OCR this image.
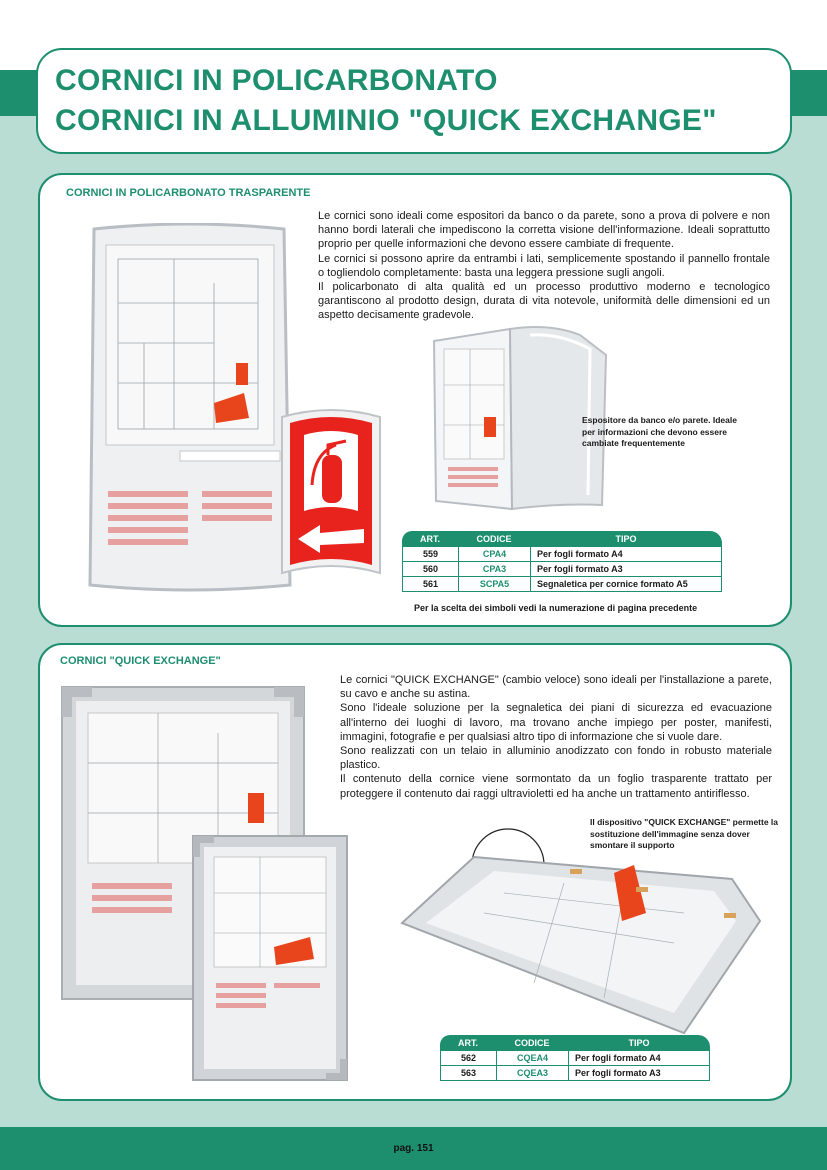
CORNICI IN POLICARBONATO
CORNICI IN ALLUMINIO "QUICK EXCHANGE"
CORNICI IN POLICARBONATO TRASPARENTE
Le cornici sono ideali come espositori da banco o da parete, sono a prova di polvere e non hanno bordi laterali che impediscono la corretta visione dell'informazione. Ideali soprattutto proprio per quelle informazioni che devono essere cambiate di frequente.
Le cornici si possono aprire da entrambi i lati, semplicemente spostando il pannello frontale o togliendolo completamente: basta una leggera pressione sugli angoli.
Il policarbonato di alta qualità ed un processo produttivo moderno e tecnologico garantiscono al prodotto design, durata di vita notevole, uniformità delle dimensioni ed un aspetto decisamente gradevole.
Espositore da banco e/o parete. Ideale per informazioni che devono essere cambiate frequentemente
ART.	CODICE	TIPO
559	CPA4	Per fogli formato A4
560	CPA3	Per fogli formato A3
561	SCPA5	Segnaletica per cornice formato A5
Per la scelta dei simboli vedi la numerazione di pagina precedente
CORNICI "QUICK EXCHANGE"
Le cornici "QUICK EXCHANGE" (cambio veloce) sono ideali per l'installazione a parete, su cavo e anche su astina.
Sono l'ideale soluzione per la segnaletica dei piani di sicurezza ed evacuazione all'interno dei luoghi di lavoro, ma trovano anche impiego per poster, manifesti, immagini, fotografie e per qualsiasi altro tipo di informazione che si vuole dare.
Sono realizzati con un telaio in alluminio anodizzato con fondo in robusto materiale plastico.
Il contenuto della cornice viene sormontato da un foglio trasparente trattato per proteggere il contenuto dai raggi ultravioletti ed ha anche un trattamento antiriflesso.
Il dispositivo "QUICK EXCHANGE" permette la sostituzione dell'immagine senza dover smontare il supporto
ART.	CODICE	TIPO
562	CQEA4	Per fogli formato A4
563	CQEA3	Per fogli formato A3
pag. 151
